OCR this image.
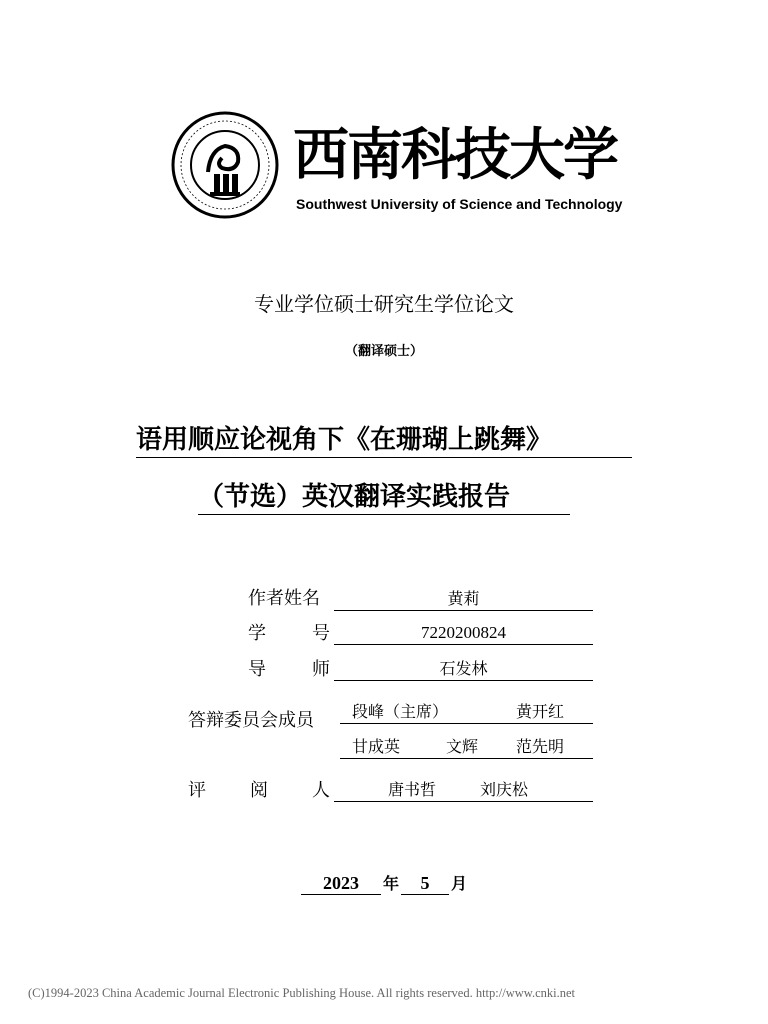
西南科技大学
Southwest University of Science and Technology
专业学位硕士研究生学位论文
（翻译硕士）
语用顺应论视角下《在珊瑚上跳舞》
（节选）英汉翻译实践报告
作者姓名	黄莉
学	号	7220200824
导	师	石发林
答辩委员会成员 段峰（主席）	黄开红

甘成英	文辉 范先明

评 阅 人	唐书哲	刘庆松

2023 年 5 月
(C)1994-2023 China Academic Journal Electronic Publishing House. All rights reserved. http://www.cnki.net
